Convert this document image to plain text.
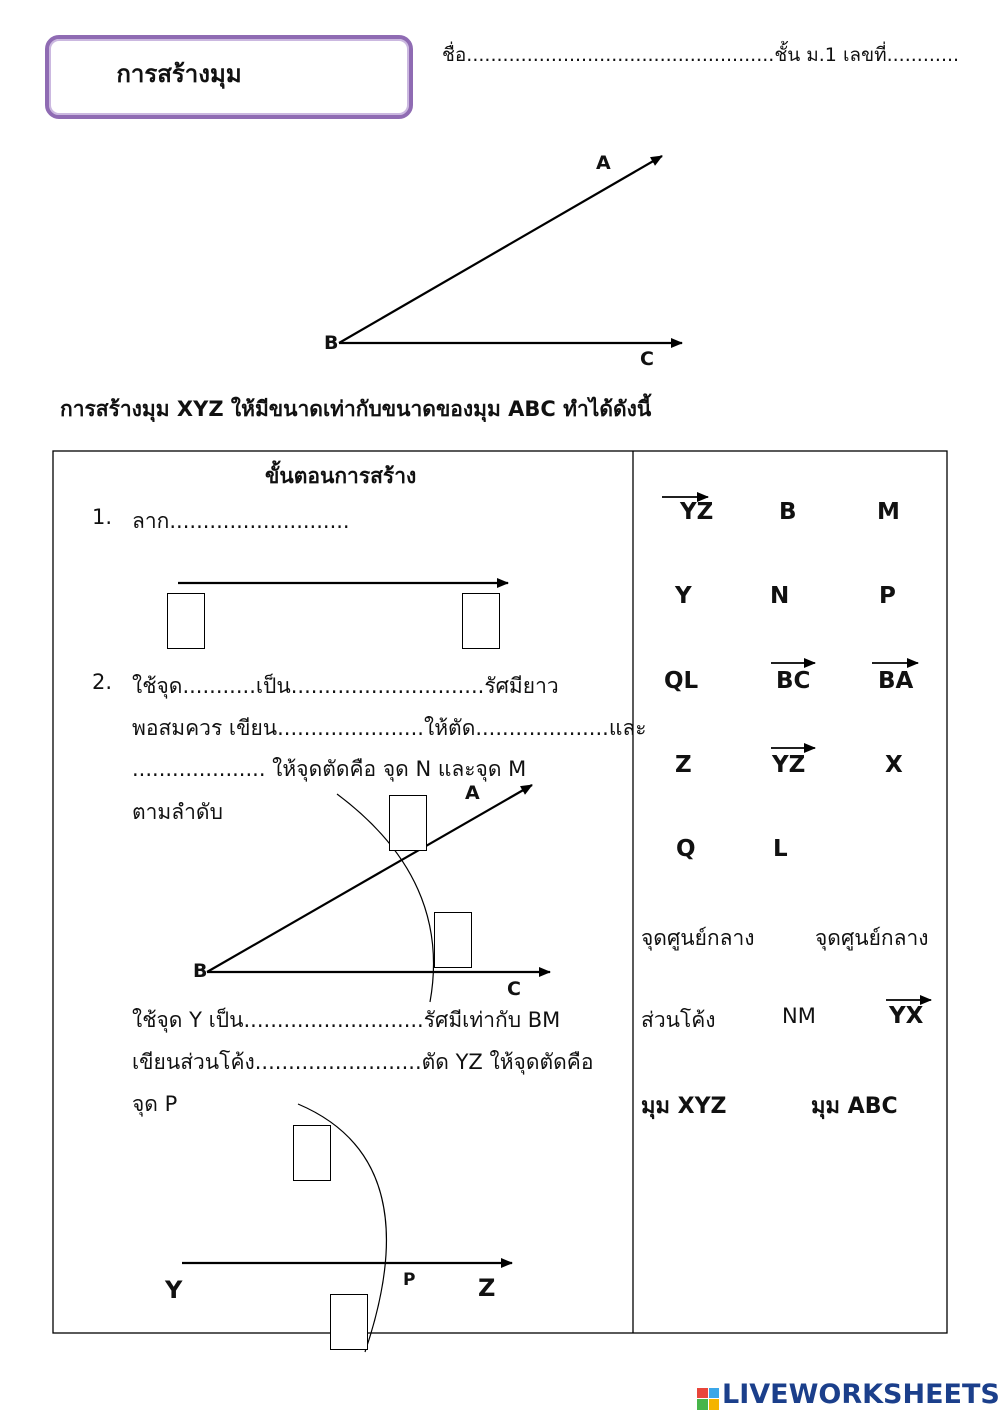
การสร้างมุม
ชื่อ...................................................ชั้น ม.1 เลขที่............
A
B
C
การสร้างมุม XYZ ให้มีขนาดเท่ากับขนาดของมุม ABC ทำได้ดังนี้
ขั้นตอนการสร้าง
1. ลาก...........................
2. ใช้จุด...........เป็น.............................รัศมียาว
พอสมควร เขียน......................ให้ตัด....................และ
.................... ให้จุดตัดคือ จุด N และจุด M
ตามลำดับ
A
B
C
ใช้จุด Y เป็น...........................รัศมีเท่ากับ BM
เขียนส่วนโค้ง.........................ตัด YZ ให้จุดตัดคือ
จุด P
Y	P	Z
YZ	B	M
Y	N	P
QL	BC	BA
Z	YZ	X
Q	L
จุดศูนย์กลาง	จุดศูนย์กลาง
ส่วนโค้ง	NM	YX
มุม XYZ	มุม ABC
LIVEWORKSHEETS
